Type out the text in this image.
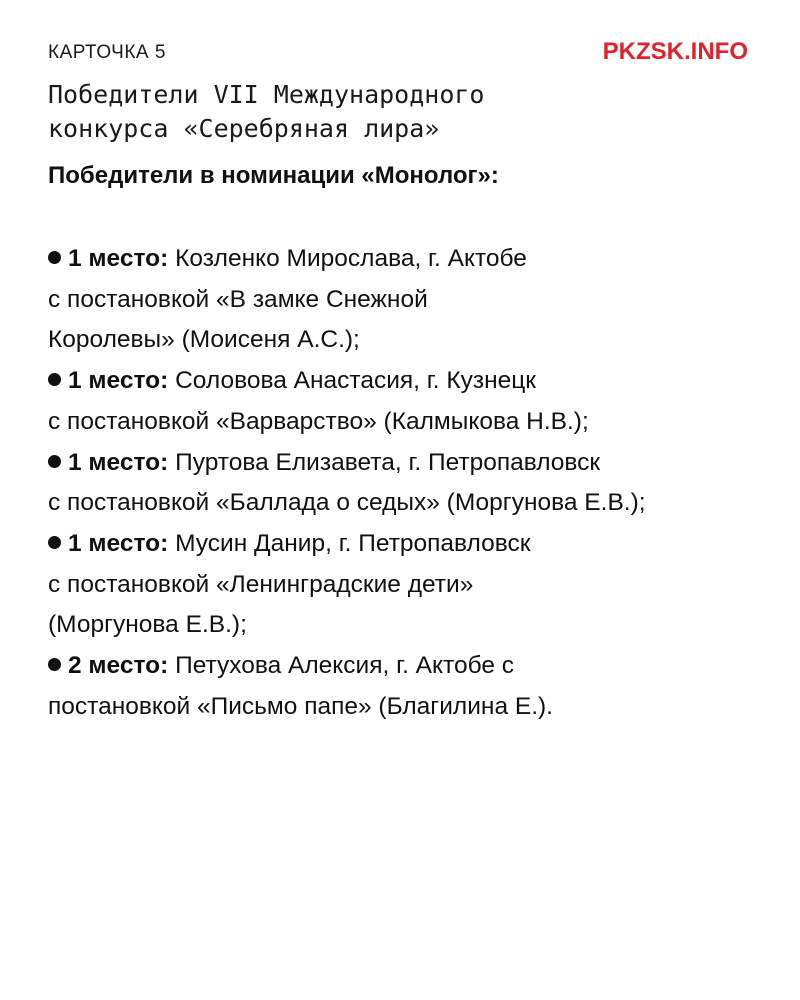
КАРТОЧКА 5	PKZSK.INFO
Победители VII Международного
конкурса «Серебряная лира»
Победители в номинации «Монолог»:
1 место: Козленко Мирослава, г. Актобе
с постановкой «В замке Снежной
Королевы» (Моисеня А.С.);
1 место: Соловова Анастасия, г. Кузнецк
с постановкой «Варварство» (Калмыкова Н.В.);
1 место: Пуртова Елизавета, г. Петропавловск
с постановкой «Баллада о седых» (Моргунова Е.В.);
1 место: Мусин Данир, г. Петропавловск
с постановкой «Ленинградские дети»
(Моргунова Е.В.);
2 место: Петухова Алексия, г. Актобе с
постановкой «Письмо папе» (Благилина Е.).
